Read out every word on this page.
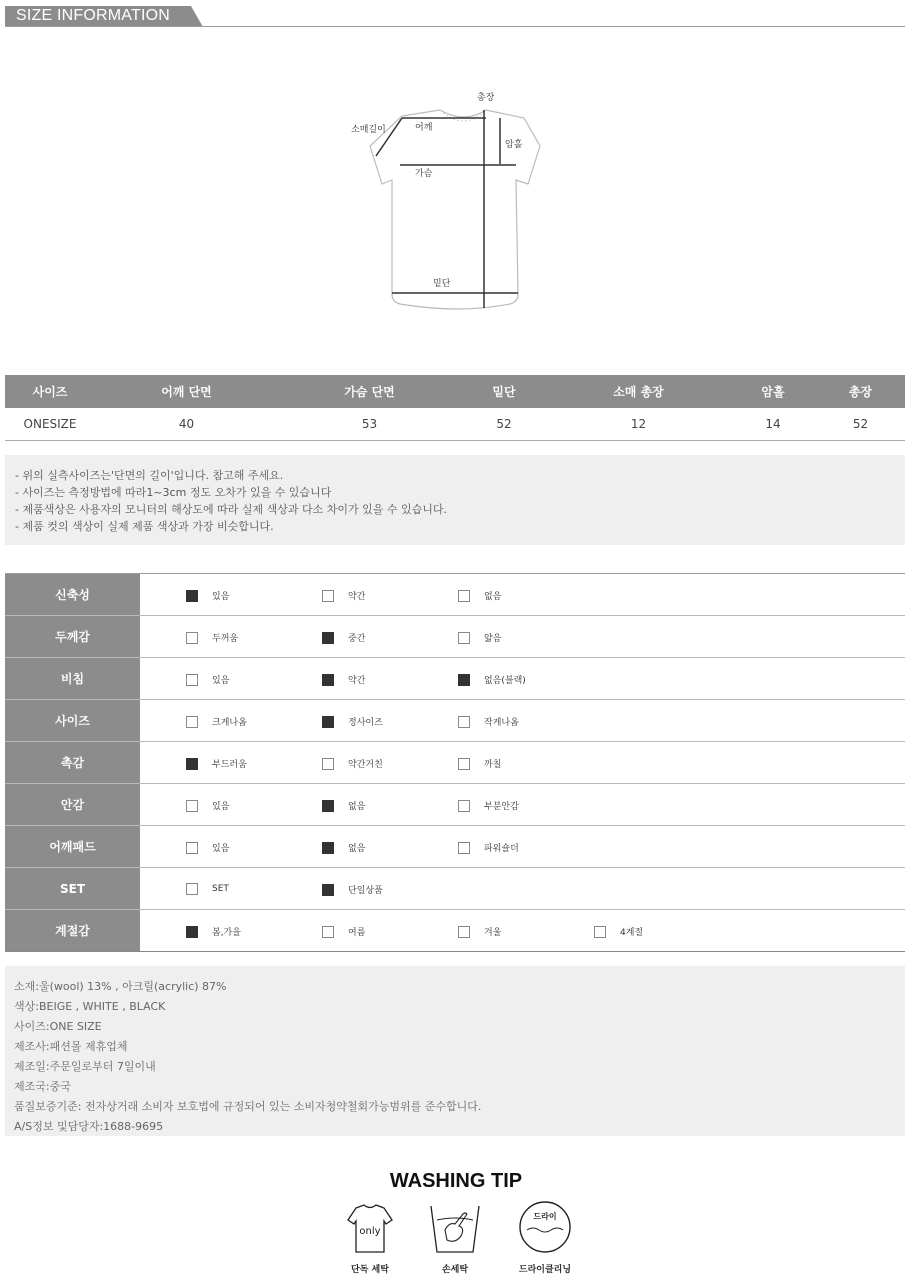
SIZE INFORMATION
총장
소매길이	어깨
암홀
가슴
밑단
사이즈	어깨 단면	가슴 단면	밑단	소매 총장	암홀	총장
ONESIZE	40	53	52	12	14	52
- 위의 실측사이즈는'단면의 길이'입니다. 참고해 주세요.
- 사이즈는 측정방법에 따라1~3cm 정도 오차가 있을 수 있습니다
- 제품색상은 사용자의 모니터의 해상도에 따라 실제 색상과 다소 차이가 있을 수 있습니다.
- 제품 컷의 색상이 실제 제품 색상과 가장 비슷합니다.
신축성	있음	약간	없음
두께감	두꺼움	중간	얇음
비침	있음	약간	없음(블랙)
사이즈	크게나옴	정사이즈	작게나옴
촉감	부드러움	약간거친	까칠
안감	있음	없음	부분안감
어깨패드	있음	없음	파워숄더
SET	SET	단일상품
계절감	봄,가을	여름	겨울	4계절
소재:울(wool) 13% , 아크릴(acrylic) 87%
색상:BEIGE , WHITE , BLACK
사이즈:ONE SIZE
제조사:패션몰 제휴업체
제조일:주문일로부터 7일이내
제조국:중국
품질보증기준: 전자상거래 소비자 보호법에 규정되어 있는 소비자청약철회가능범위를 준수합니다.
A/S정보 및담당자:1688-9695
WASHING TIP
only
단독 세탁	손세탁
드라이
드라이클리닝
